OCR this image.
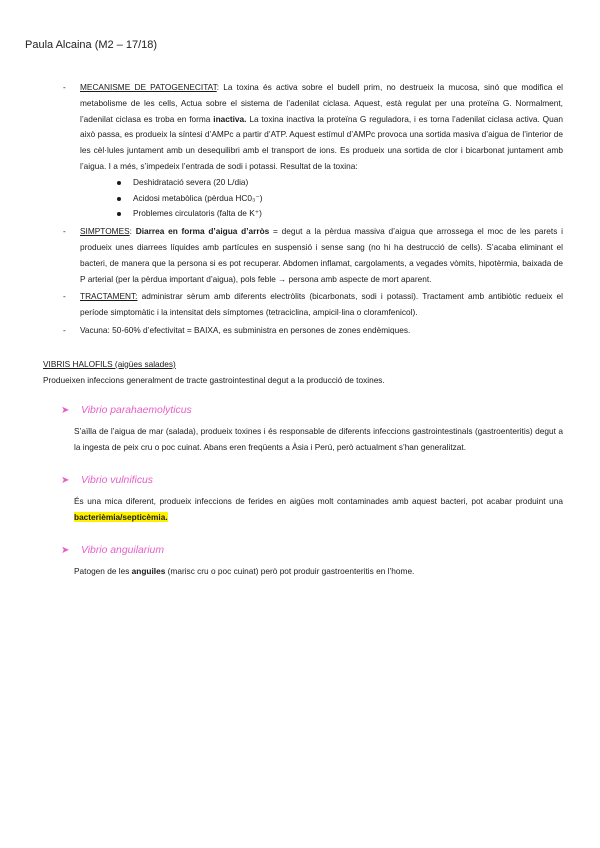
Paula Alcaina (M2 – 17/18)
- MECANISME DE PATOGENECITAT: La toxina és activa sobre el budell prim, no destrueix la mucosa, sinó que modifica el metabolisme de les cells, Actua sobre el sistema de l’adenilat ciclasa. Aquest, està regulat per una proteïna G. Normalment, l’adenilat ciclasa es troba en forma inactiva. La toxina inactiva la proteïna G reguladora, i es torna l’adenilat ciclasa activa. Quan això passa, es produeix la síntesi d’AMPc a partir d’ATP. Aquest estímul d’AMPc provoca una sortida masiva d’aigua de l’interior de les cèl·lules juntament amb un desequilibri amb el transport de ions. Es produeix una sortida de clor i bicarbonat juntament amb l’aigua. I a més, s’impedeix l’entrada de sodi i potassi. Resultat de la toxina:
Deshidratació severa (20 L/dia)
Acidosi metabòlica (pèrdua HC0₃⁻)
Problemes circulatoris (falta de K⁺)
- SIMPTOMES: Diarrea en forma d’aigua d’arròs = degut a la pèrdua massiva d’aigua que arrossega el moc de les parets i produeix unes diarrees líquides amb partícules en suspensió i sense sang (no hi ha destrucció de cells). S’acaba eliminant el bacteri, de manera que la persona si es pot recuperar. Abdomen inflamat, cargolaments, a vegades vòmits, hipotèrmia, baixada de P arterial (per la pèrdua important d’aigua), pols feble → persona amb aspecte de mort aparent.
- TRACTAMENT: administrar sèrum amb diferents electròlits (bicarbonats, sodi i potassi). Tractament amb antibiòtic redueix el període simptomàtic i la intensitat dels símptomes (tetraciclina, ampicil·lina o cloramfenicol).
- Vacuna: 50-60% d’efectivitat = BAIXA, es subministra en persones de zones endèmiques.
VIBRIS HALOFILS (aigües salades)
Produeixen infeccions generalment de tracte gastrointestinal degut a la producció de toxines.
➤ Vibrio parahaemolyticus
S’aïlla de l’aigua de mar (salada), produeix toxines i és responsable de diferents infeccions gastrointestinals (gastroenteritis) degut a la ingesta de peix cru o poc cuinat. Abans eren freqüents a Àsia i Perú, però actualment s’han generalitzat.
➤ Vibrio vulnificus
És una mica diferent, produeix infeccions de ferides en aigües molt contaminades amb aquest bacteri, pot acabar produint una bacterièmia/septicèmia.
➤ Vibrio anguilarium
Patogen de les anguiles (marisc cru o poc cuinat) però pot produir gastroenteritis en l’home.
